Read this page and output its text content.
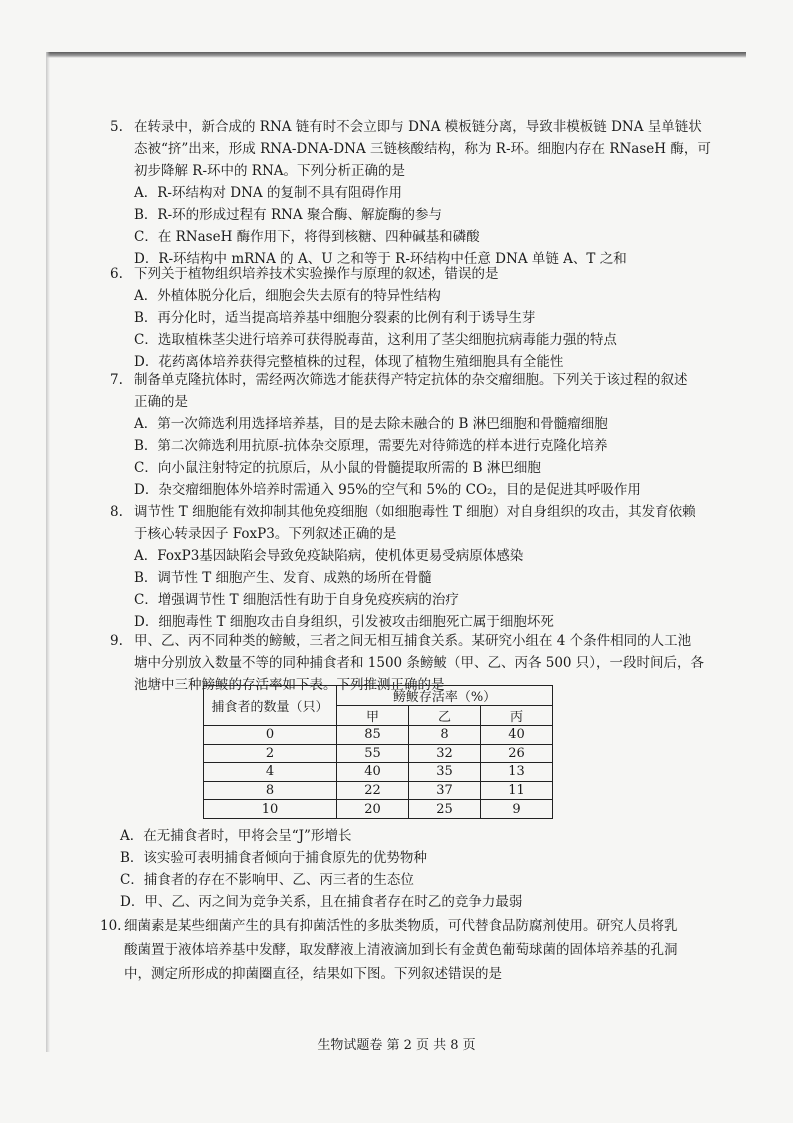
5. 在转录中，新合成的 RNA 链有时不会立即与 DNA 模板链分离，导致非模板链 DNA 呈单链状
态被“挤”出来，形成 RNA-DNA-DNA 三链核酸结构，称为 R-环。细胞内存在 RNaseH 酶，可
初步降解 R-环中的 RNA。下列分析正确的是
A．R-环结构对 DNA 的复制不具有阻碍作用
B．R-环的形成过程有 RNA 聚合酶、解旋酶的参与
C．在 RNaseH 酶作用下，将得到核糖、四种碱基和磷酸
D．R-环结构中 mRNA 的 A、U 之和等于 R-环结构中任意 DNA 单链 A、T 之和
6. 下列关于植物组织培养技术实验操作与原理的叙述，错误的是
A．外植体脱分化后，细胞会失去原有的特异性结构
B．再分化时，适当提高培养基中细胞分裂素的比例有利于诱导生芽
C．选取植株茎尖进行培养可获得脱毒苗，这利用了茎尖细胞抗病毒能力强的特点
D．花药离体培养获得完整植株的过程，体现了植物生殖细胞具有全能性
7. 制备单克隆抗体时，需经两次筛选才能获得产特定抗体的杂交瘤细胞。下列关于该过程的叙述
正确的是
A．第一次筛选利用选择培养基，目的是去除未融合的 B 淋巴细胞和骨髓瘤细胞
B．第二次筛选利用抗原-抗体杂交原理，需要先对待筛选的样本进行克隆化培养
C．向小鼠注射特定的抗原后，从小鼠的骨髓提取所需的 B 淋巴细胞
D．杂交瘤细胞体外培养时需通入 95%的空气和 5%的 CO₂，目的是促进其呼吸作用
8. 调节性 T 细胞能有效抑制其他免疫细胞（如细胞毒性 T 细胞）对自身组织的攻击，其发育依赖
于核心转录因子 FoxP3。下列叙述正确的是
A．FoxP3基因缺陷会导致免疫缺陷病，使机体更易受病原体感染
B．调节性 T 细胞产生、发育、成熟的场所在骨髓
C．增强调节性 T 细胞活性有助于自身免疫疾病的治疗
D．细胞毒性 T 细胞攻击自身组织，引发被攻击细胞死亡属于细胞坏死
9. 甲、乙、丙不同种类的鳑鲏，三者之间无相互捕食关系。某研究小组在 4 个条件相同的人工池
塘中分别放入数量不等的同种捕食者和 1500 条鳑鲏（甲、乙、丙各 500 只），一段时间后，各
池塘中三种鳑鲏的存活率如下表。下列推测正确的是
捕食者的数量（只）	鳑鲏存活率（%）		
	甲	乙	丙
0	85	8	40
2	55	32	26
4	40	35	13
8	22	37	11
10	20	25	9
A．在无捕食者时，甲将会呈“J”形增长
B．该实验可表明捕食者倾向于捕食原先的优势物种
C．捕食者的存在不影响甲、乙、丙三者的生态位
D．甲、乙、丙之间为竞争关系，且在捕食者存在时乙的竞争力最弱
10. 细菌素是某些细菌产生的具有抑菌活性的多肽类物质，可代替食品防腐剂使用。研究人员将乳
酸菌置于液体培养基中发酵，取发酵液上清液滴加到长有金黄色葡萄球菌的固体培养基的孔洞
中，测定所形成的抑菌圈直径，结果如下图。下列叙述错误的是
生物试题卷 第 2 页 共 8 页
